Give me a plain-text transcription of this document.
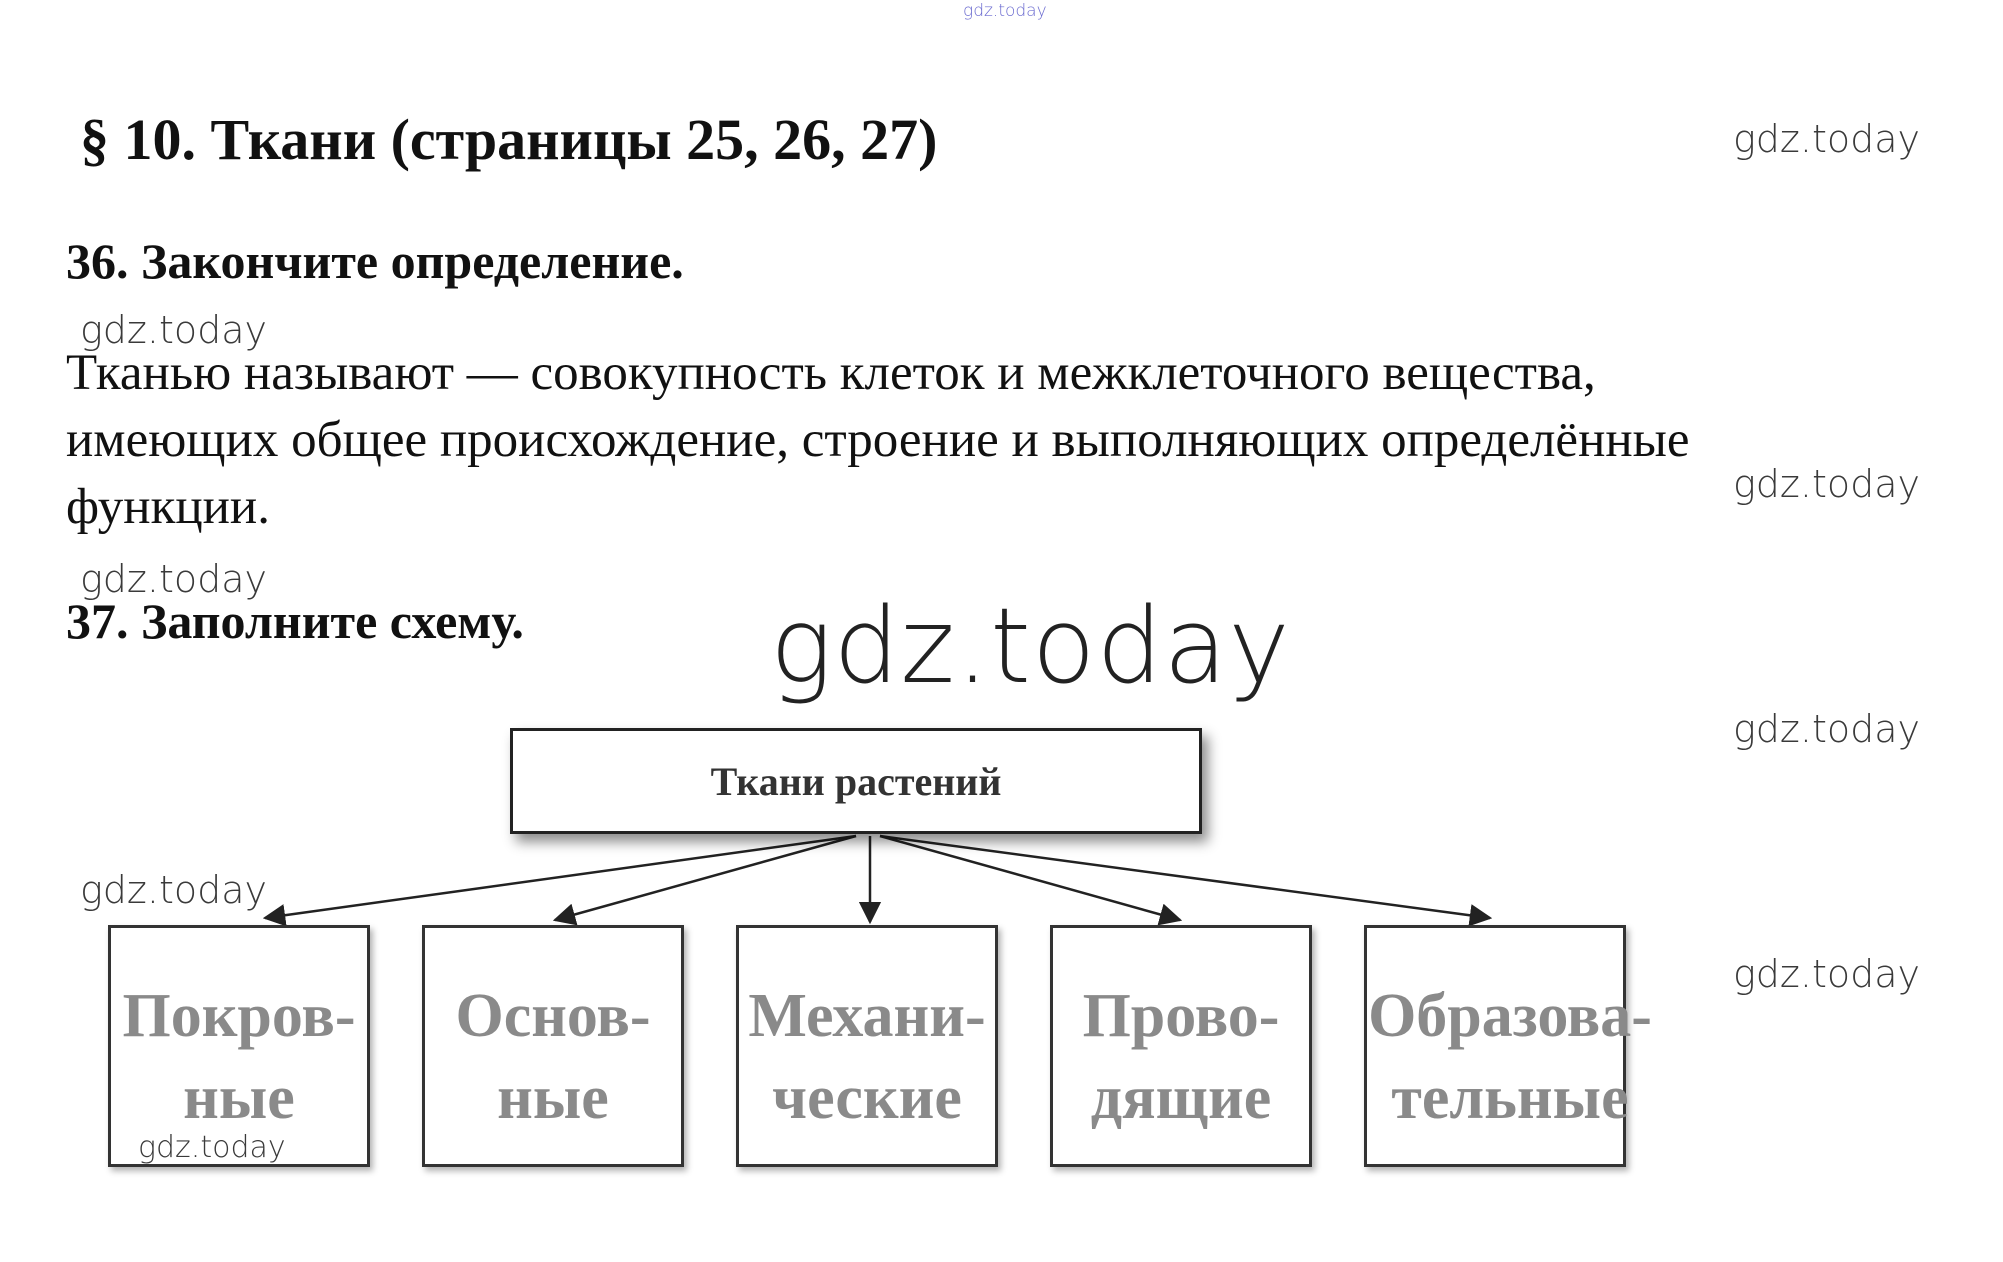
gdz.today
gdz.today
gdz.today
gdz.today
gdz.today
gdz.today
gdz.today
gdz.today
gdz.today
§ 10. Ткани (страницы 25, 26, 27)
36. Закончите определение.
Тканью называют — совокупность клеток и межклеточного вещества,
имеющих общее происхождение, строение и выполняющих определённые
функции.
37. Заполните схему.
Ткани растений
Покров-
ные
Основ-
ные
Механи-
ческие
Прово-
дящие
Образова-
тельные
gdz.today
